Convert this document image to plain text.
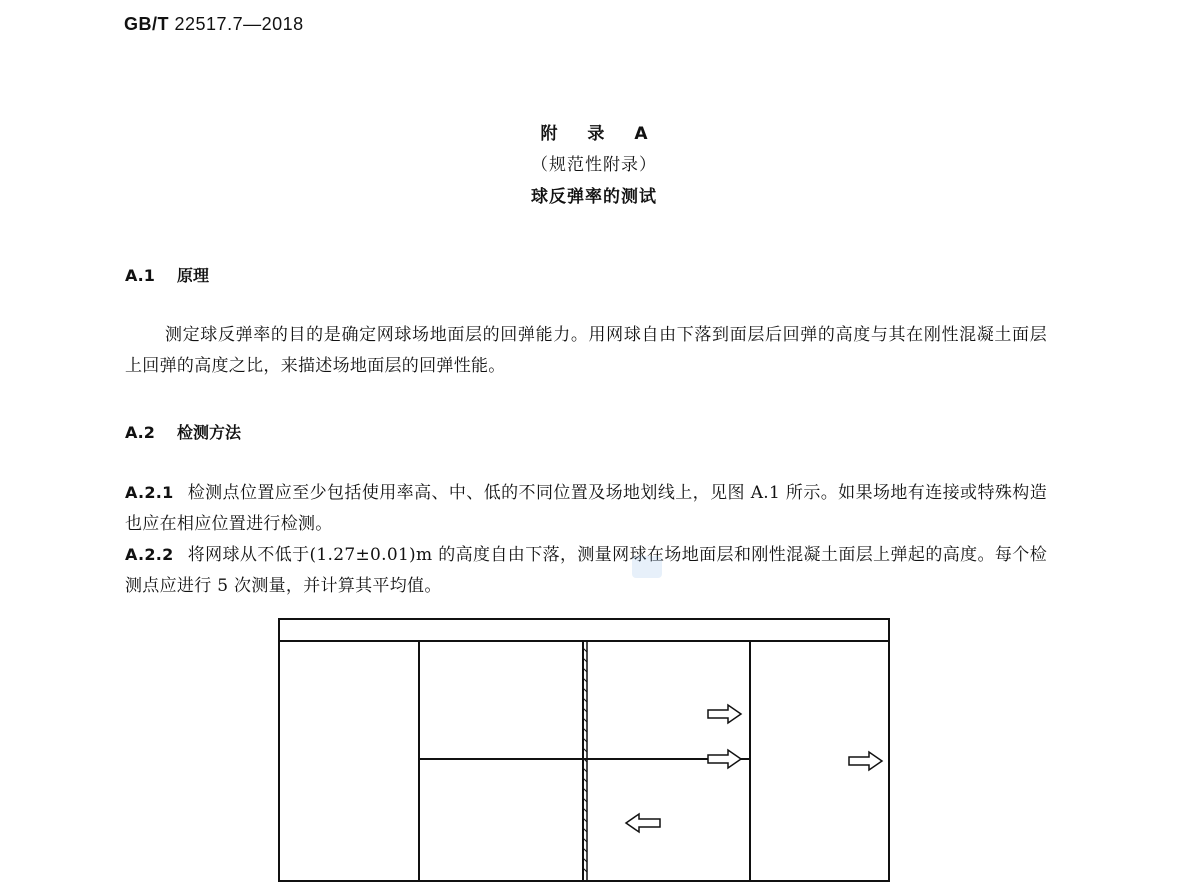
GB/T 22517.7—2018
附 录 A
（规范性附录）
球反弹率的测试
A.1 原理
测定球反弹率的目的是确定网球场地面层的回弹能力。用网球自由下落到面层后回弹的高度与其在刚性混凝土面层上回弹的高度之比，来描述场地面层的回弹性能。
A.2 检测方法
A.2.1 检测点位置应至少包括使用率高、中、低的不同位置及场地划线上，见图 A.1 所示。如果场地有连接或特殊构造也应在相应位置进行检测。
A.2.2 将网球从不低于(1.27±0.01)m 的高度自由下落，测量网球在场地面层和刚性混凝土面层上弹起的高度。每个检测点应进行 5 次测量，并计算其平均值。
